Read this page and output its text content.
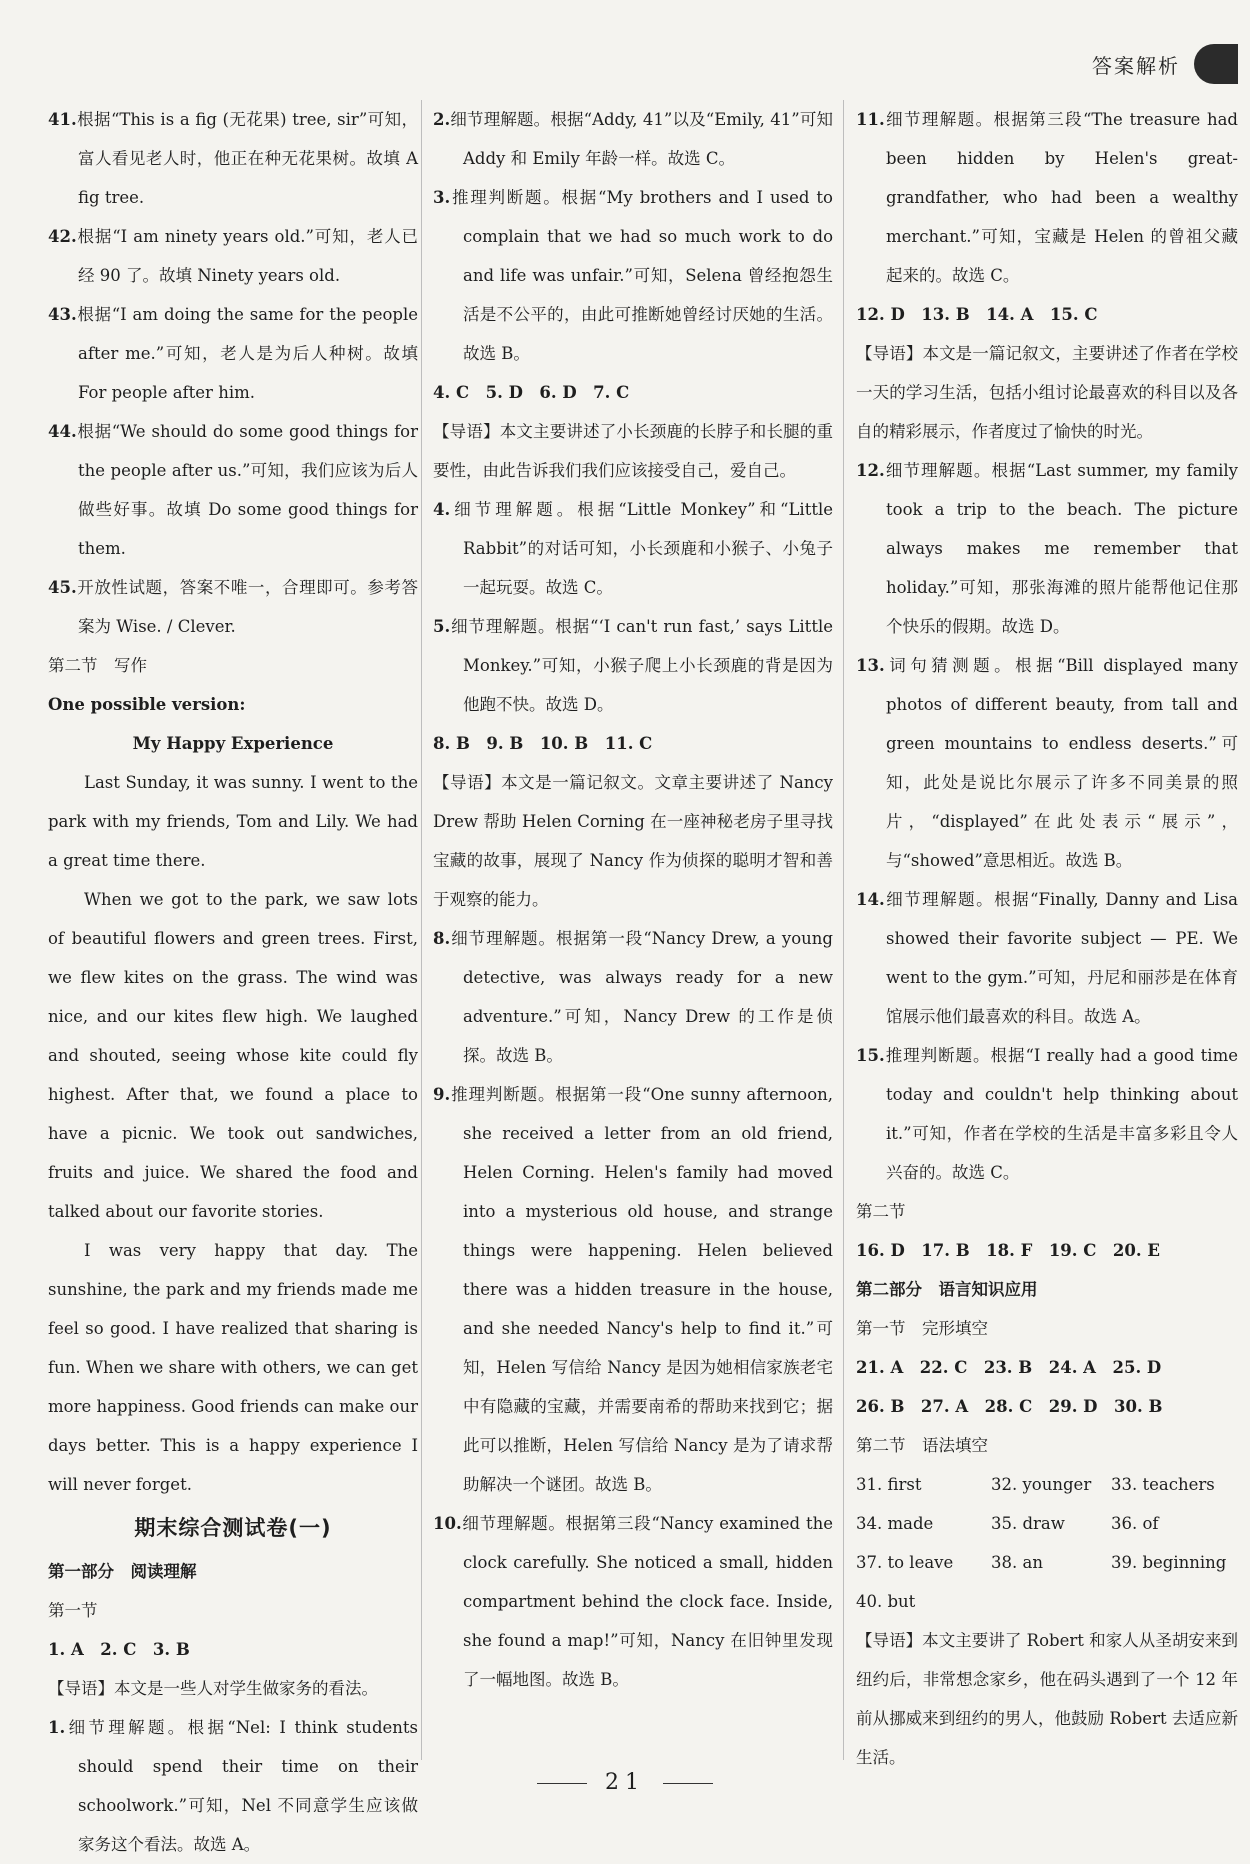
答案解析

41.根据“This is a fig (无花果) tree, sir”可知，富人看见老人时，他正在种无花果树。故填 A fig tree.

42.根据“I am ninety years old.”可知，老人已经 90 了。故填 Ninety years old.

43.根据“I am doing the same for the people after me.”可知，老人是为后人种树。故填 For people after him.

44.根据“We should do some good things for the people after us.”可知，我们应该为后人做些好事。故填 Do some good things for them.

45.开放性试题，答案不唯一，合理即可。参考答案为 Wise. / Clever.

第二节　写作

One possible version:

My Happy Experience

Last Sunday, it was sunny. I went to the park with my friends, Tom and Lily. We had a great time there.

When we got to the park, we saw lots of beautiful flowers and green trees. First, we flew kites on the grass. The wind was nice, and our kites flew high. We laughed and shouted, seeing whose kite could fly highest. After that, we found a place to have a picnic. We took out sandwiches, fruits and juice. We shared the food and talked about our favorite stories.

I was very happy that day. The sunshine, the park and my friends made me feel so good. I have realized that sharing is fun. When we share with others, we can get more happiness. Good friends can make our days better. This is a happy experience I will never forget.

期末综合测试卷(一)

第一部分　阅读理解

第一节

1. A　2. C　3. B

【导语】本文是一些人对学生做家务的看法。

1.细节理解题。根据“Nel: I think students should spend their time on their schoolwork.”可知，Nel 不同意学生应该做家务这个看法。故选 A。

2.细节理解题。根据“Addy, 41”以及“Emily, 41”可知 Addy 和 Emily 年龄一样。故选 C。

3.推理判断题。根据“My brothers and I used to complain that we had so much work to do and life was unfair.”可知，Selena 曾经抱怨生活是不公平的，由此可推断她曾经讨厌她的生活。故选 B。

4. C　5. D　6. D　7. C

【导语】本文主要讲述了小长颈鹿的长脖子和长腿的重要性，由此告诉我们我们应该接受自己，爱自己。

4.细节理解题。根据“Little Monkey”和“Little Rabbit”的对话可知，小长颈鹿和小猴子、小兔子一起玩耍。故选 C。

5.细节理解题。根据“‘I can't run fast,’ says Little Monkey.”可知，小猴子爬上小长颈鹿的背是因为他跑不快。故选 D。

8. B　9. B　10. B　11. C

【导语】本文是一篇记叙文。文章主要讲述了 Nancy Drew 帮助 Helen Corning 在一座神秘老房子里寻找宝藏的故事，展现了 Nancy 作为侦探的聪明才智和善于观察的能力。

8.细节理解题。根据第一段“Nancy Drew, a young detective, was always ready for a new adventure.”可知，Nancy Drew 的工作是侦探。故选 B。

9.推理判断题。根据第一段“One sunny afternoon, she received a letter from an old friend, Helen Corning. Helen's family had moved into a mysterious old house, and strange things were happening. Helen believed there was a hidden treasure in the house, and she needed Nancy's help to find it.”可知，Helen 写信给 Nancy 是因为她相信家族老宅中有隐藏的宝藏，并需要南希的帮助来找到它；据此可以推断，Helen 写信给 Nancy 是为了请求帮助解决一个谜团。故选 B。

10.细节理解题。根据第三段“Nancy examined the clock carefully. She noticed a small, hidden compartment behind the clock face. Inside, she found a map!”可知，Nancy 在旧钟里发现了一幅地图。故选 B。

11.细节理解题。根据第三段“The treasure had been hidden by Helen's great-grandfather, who had been a wealthy merchant.”可知，宝藏是 Helen 的曾祖父藏起来的。故选 C。

12. D　13. B　14. A　15. C

【导语】本文是一篇记叙文，主要讲述了作者在学校一天的学习生活，包括小组讨论最喜欢的科目以及各自的精彩展示，作者度过了愉快的时光。

12.细节理解题。根据“Last summer, my family took a trip to the beach. The picture always makes me remember that holiday.”可知，那张海滩的照片能帮他记住那个快乐的假期。故选 D。

13.词句猜测题。根据“Bill displayed many photos of different beauty, from tall and green mountains to endless deserts.”可知，此处是说比尔展示了许多不同美景的照片，“displayed”在此处表示“展示”，与“showed”意思相近。故选 B。

14.细节理解题。根据“Finally, Danny and Lisa showed their favorite subject — PE. We went to the gym.”可知，丹尼和丽莎是在体育馆展示他们最喜欢的科目。故选 A。

15.推理判断题。根据“I really had a good time today and couldn't help thinking about it.”可知，作者在学校的生活是丰富多彩且令人兴奋的。故选 C。

第二节

16. D　17. B　18. F　19. C　20. E

第二部分　语言知识应用

第一节　完形填空

21. A　22. C　23. B　24. A　25. D

26. B　27. A　28. C　29. D　30. B

第二节　语法填空

31. first	32. younger	33. teachers
34. made	35. draw	36. of
37. to leave	38. an	39. beginning
40. but

【导语】本文主要讲了 Robert 和家人从圣胡安来到纽约后，非常想念家乡，他在码头遇到了一个 12 年前从挪威来到纽约的男人，他鼓励 Robert 去适应新生活。

21
